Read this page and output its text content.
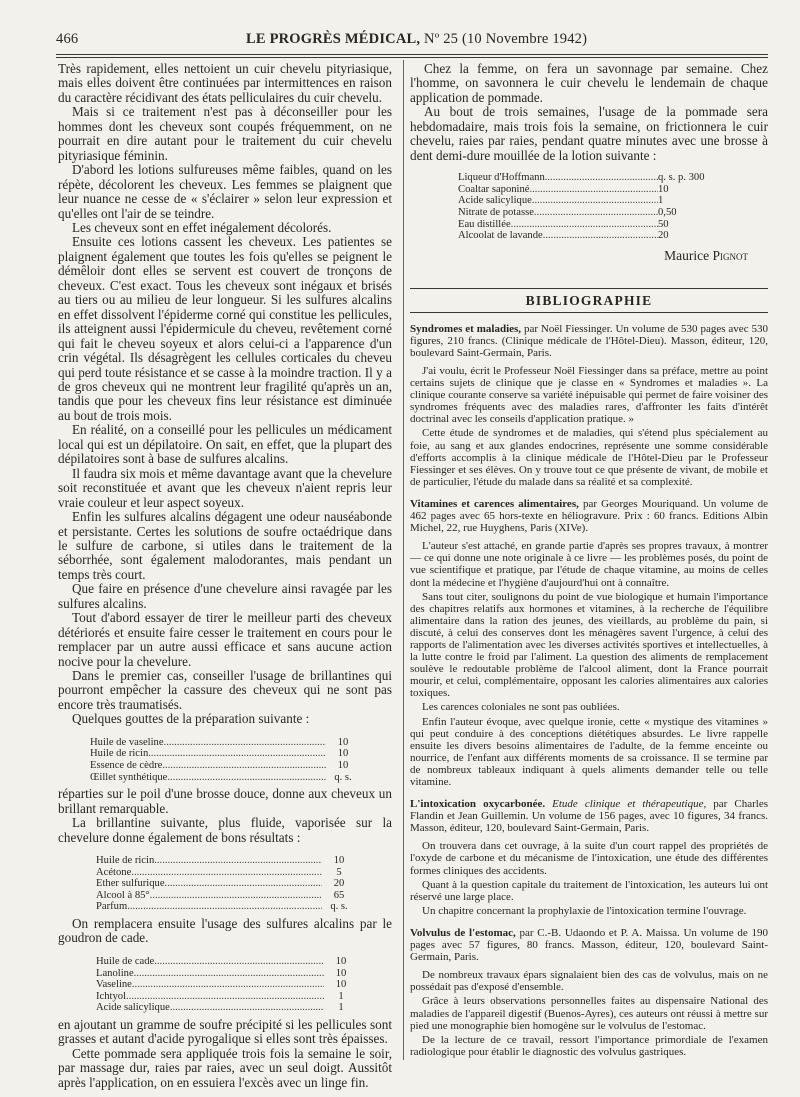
466	LE PROGRÈS MÉDICAL, Nº 25 (10 Novembre 1942)

Très rapidement, elles nettoient un cuir chevelu pityriasique, mais elles doivent être continuées par intermittences en raison du caractère récidivant des états pelliculaires du cuir chevelu.

Mais si ce traitement n'est pas à déconseiller pour les hommes dont les cheveux sont coupés fréquemment, on ne pourrait en dire autant pour le traitement du cuir chevelu pityriasique féminin.

D'abord les lotions sulfureuses même faibles, quand on les répète, décolorent les cheveux. Les femmes se plaignent que leur nuance ne cesse de « s'éclairer » selon leur expression et qu'elles ont l'air de se teindre.

Les cheveux sont en effet inégalement décolorés.

Ensuite ces lotions cassent les cheveux. Les patientes se plaignent également que toutes les fois qu'elles se peignent le démêloir dont elles se servent est couvert de tronçons de cheveux. C'est exact. Tous les cheveux sont inégaux et brisés au tiers ou au milieu de leur longueur. Si les sulfures alcalins en effet dissolvent l'épiderme corné qui constitue les pellicules, ils atteignent aussi l'épidermicule du cheveu, revêtement corné qui fait le cheveu soyeux et alors celui-ci a l'apparence d'un crin végétal. Ils désagrègent les cellules corticales du cheveu qui perd toute résistance et se casse à la moindre traction. Il y a de gros cheveux qui ne montrent leur fragilité qu'après un an, tandis que pour les cheveux fins leur résistance est diminuée au bout de trois mois.

En réalité, on a conseillé pour les pellicules un médicament local qui est un dépilatoire. On sait, en effet, que la plupart des dépilatoires sont à base de sulfures alcalins.

Il faudra six mois et même davantage avant que la chevelure soit reconstituée et avant que les cheveux n'aient repris leur vraie couleur et leur aspect soyeux.

Enfin les sulfures alcalins dégagent une odeur nauséabonde et persistante. Certes les solutions de soufre octaédrique dans le sulfure de carbone, si utiles dans le traitement de la séborrhée, sont également malodorantes, mais pendant un temps très court.

Que faire en présence d'une chevelure ainsi ravagée par les sulfures alcalins.

Tout d'abord essayer de tirer le meilleur parti des cheveux détériorés et ensuite faire cesser le traitement en cours pour le remplacer par un autre aussi efficace et sans aucune action nocive pour la chevelure.

Dans le premier cas, conseiller l'usage de brillantines qui pourront empêcher la cassure des cheveux qui ne sont pas encore très traumatisés.

Quelques gouttes de la préparation suivante :

Huile de vaseline .....	10
Huile de ricin .....	10
Essence de cèdre .....	10
Œillet synthétique .....	q. s.

réparties sur le poil d'une brosse douce, donne aux cheveux un brillant remarquable.

La brillantine suivante, plus fluide, vaporisée sur la chevelure donne également de bons résultats :

Huile de ricin .....	10
Acétone .....	5
Ether sulfurique .....	20
Alcool à 85° .....	65
Parfum .....	q. s.

On remplacera ensuite l'usage des sulfures alcalins par le goudron de cade.

Huile de cade .....	10
Lanoline .....	10
Vaseline .....	10
Ichtyol .....	1
Acide salicylique .....	1

en ajoutant un gramme de soufre précipité si les pellicules sont grasses et autant d'acide pyrogalique si elles sont très épaisses.

Cette pommade sera appliquée trois fois la semaine le soir, par massage dur, raies par raies, avec un seul doigt. Aussitôt après l'application, on en essuiera l'excès avec un linge fin.

Chez la femme, on fera un savonnage par semaine. Chez l'homme, on savonnera le cuir chevelu le lendemain de chaque application de pommade.

Au bout de trois semaines, l'usage de la pommade sera hebdomadaire, mais trois fois la semaine, on frictionnera le cuir chevelu, raies par raies, pendant quatre minutes avec une brosse à dent demi-dure mouillée de la lotion suivante :

Liqueur d'Hoffmann .....	q. s. p. 300
Coaltar saponiné .....	10
Acide salicylique .....	1
Nitrate de potasse .....	0,50
Eau distillée .....	50
Alcoolat de lavande .....	20
Maurice Pignot
BIBLIOGRAPHIE
Syndromes et maladies, par Noël Fiessinger. Un volume de 530 pages avec 530 figures, 210 francs. (Clinique médicale de l'Hôtel-Dieu). Masson, éditeur, 120, boulevard Saint-Germain, Paris.

J'ai voulu, écrit le Professeur Noël Fiessinger dans sa préface, mettre au point certains sujets de clinique que je classe en « Syndromes et maladies ». La clinique courante conserve sa variété inépuisable qui permet de faire voisiner des syndromes fréquents avec des maladies rares, d'affronter les faits d'intérêt doctrinal avec les conseils d'application pratique. »

Cette étude de syndromes et de maladies, qui s'étend plus spécialement au foie, au sang et aux glandes endocrines, représente une somme considérable d'efforts accomplis à la clinique médicale de l'Hôtel-Dieu par le Professeur Fiessinger et ses élèves. On y trouve tout ce que présente de vivant, de mobile et de particulier, l'étude du malade dans sa réalité et sa complexité.

Vitamines et carences alimentaires, par Georges Mouriquand. Un volume de 462 pages avec 65 hors-texte en héliogravure. Prix : 60 francs. Editions Albin Michel, 22, rue Huyghens, Paris (XIVe).

L'auteur s'est attaché, en grande partie d'après ses propres travaux, à montrer — ce qui donne une note originale à ce livre — les problèmes posés, du point de vue scientifique et pratique, par l'étude de chaque vitamine, au moins de celles dont la médecine et l'hygiène d'aujourd'hui ont à connaître.

Sans tout citer, soulignons du point de vue biologique et humain l'importance des chapitres relatifs aux hormones et vitamines, à la recherche de l'équilibre alimentaire dans la ration des jeunes, des vieillards, au problème du pain, si discuté, à celui des conserves dont les ménagères savent l'urgence, à celui des rapports de l'alimentation avec les diverses activités sportives et intellectuelles, à la lutte contre le froid par l'aliment. La question des aliments de remplacement soulève le redoutable problème de l'alcool aliment, dont la France pourrait mourir, et celui, complémentaire, opposant les calories alimentaires aux calories toxiques.

Les carences coloniales ne sont pas oubliées.

Enfin l'auteur évoque, avec quelque ironie, cette « mystique des vitamines » qui peut conduire à des conceptions diététiques absurdes. Le livre rappelle ensuite les divers besoins alimentaires de l'adulte, de la femme enceinte ou nourrice, de l'enfant aux différents moments de sa croissance. Il se termine par de nombreux tableaux indiquant à quels aliments demander telle ou telle vitamine.

L'intoxication oxycarbonée. Etude clinique et thérapeutique, par Charles Flandin et Jean Guillemin. Un volume de 156 pages, avec 10 figures, 34 francs. Masson, éditeur, 120, boulevard Saint-Germain, Paris.

On trouvera dans cet ouvrage, à la suite d'un court rappel des propriétés de l'oxyde de carbone et du mécanisme de l'intoxication, une étude des différentes formes cliniques des accidents.

Quant à la question capitale du traitement de l'intoxication, les auteurs lui ont réservé une large place.

Un chapitre concernant la prophylaxie de l'intoxication termine l'ouvrage.

Volvulus de l'estomac, par C.-B. Udaondo et P. A. Maissa. Un volume de 190 pages avec 57 figures, 80 francs. Masson, éditeur, 120, boulevard Saint-Germain, Paris.

De nombreux travaux épars signalaient bien des cas de volvulus, mais on ne possédait pas d'exposé d'ensemble.

Grâce à leurs observations personnelles faites au dispensaire National des maladies de l'appareil digestif (Buenos-Ayres), ces auteurs ont réussi à mettre sur pied une monographie bien homogène sur le volvulus de l'estomac.

De la lecture de ce travail, ressort l'importance primordiale de l'examen radiologique pour établir le diagnostic des volvulus gastriques.
